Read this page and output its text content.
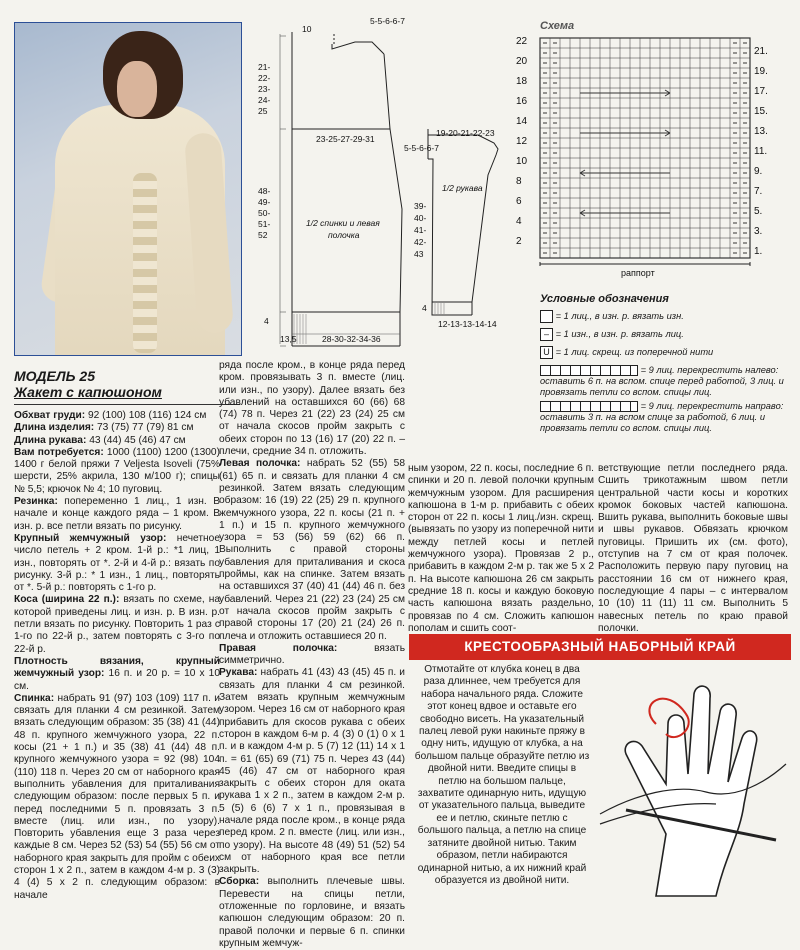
МОДЕЛЬ 25
Жакет с капюшоном

Обхват груди: 92 (100) 108 (116) 124 см

Длина изделия: 73 (75) 77 (79) 81 см

Длина рукава: 43 (44) 45 (46) 47 см

Вам потребуется: 1000 (1100) 1200 (1300) 1400 г белой пряжи 7 Veljesta Isoveli (75% шерсти, 25% акрила, 130 м/100 г); спицы № 5,5; крючок № 4; 10 пуговиц.

Резинка: попеременно 1 лиц., 1 изн. В начале и конце каждого ряда – 1 кром. В изн. р. все петли вязать по рисунку.

Крупный жемчужный узор: нечетное число петель + 2 кром. 1-й р.: *1 лиц, 1 изн., повторять от *. 2-й и 4-й р.: вязать по рисунку. 3-й р.: * 1 изн., 1 лиц., повторять от *. 5-й р.: повторять с 1-го р.

Коса (ширина 22 п.): вязать по схеме, на которой приведены лиц. и изн. р. В изн. р. петли вязать по рисунку. Повторить 1 раз с 1-го по 22-й р., затем повторять с 3-го по 22-й р.

Плотность вязания, крупный жемчужный узор: 16 п. и 20 р. = 10 х 10 см.

Спинка: набрать 91 (97) 103 (109) 117 п. и связать для планки 4 см резинкой. Затем вязать следующим образом: 35 (38) 41 (44) 48 п. крупного жемчужного узора, 22 п. косы (21 + 1 п.) и 35 (38) 41 (44) 48 п. крупного жемчужного узора = 92 (98) 104 (110) 118 п. Через 20 см от наборного края выполнить убавления для приталивания следующим образом: после первых 5 п. и перед последними 5 п. провязать 3 п. вместе (лиц. или изн., по узору). Повторить убавления еще 3 раза через каждые 8 см. Через 52 (53) 54 (55) 56 см от наборного края закрыть для пройм с обеих сторон 1 х 2 п., затем в каждом 4-м р. 3 (3) 4 (4) 5 х 2 п. следующим образом: в начале

ряда после кром., в конце ряда перед кром. провязывать 3 п. вместе (лиц. или изн., по узору). Далее вязать без убавлений на оставшихся 60 (66) 68 (74) 78 п. Через 21 (22) 23 (24) 25 см от начала скосов пройм закрыть с обеих сторон по 13 (16) 17 (20) 22 п. – плечи, средние 34 п. отложить.

Левая полочка: набрать 52 (55) 58 (61) 65 п. и связать для планки 4 см резинкой. Затем вязать следующим образом: 16 (19) 22 (25) 29 п. крупного жемчужного узора, 22 п. косы (21 п. + 1 п.) и 15 п. крупного жемчужного узора = 53 (56) 59 (62) 66 п. Выполнить с правой стороны убавления для приталивания и скоса проймы, как на спинке. Затем вязать на оставшихся 37 (40) 41 (44) 46 п. без убавлений. Через 21 (22) 23 (24) 25 см от начала скосов пройм закрыть с правой стороны 17 (20) 21 (24) 26 п. плеча и отложить оставшиеся 20 п.

Правая полочка: вязать симметрично.

Рукава: набрать 41 (43) 43 (45) 45 п. и связать для планки 4 см резинкой. Затем вязать крупным жемчужным узором. Через 16 см от наборного края прибавить для скосов рукава с обеих сторон в каждом 6-м р. 4 (3) 0 (1) 0 х 1 п. и в каждом 4-м р. 5 (7) 12 (11) 14 х 1 п. = 61 (65) 69 (71) 75 п. Через 43 (44) 45 (46) 47 см от наборного края закрыть с обеих сторон для оката рукава 1 х 2 п., затем в каждом 2-м р. 5 (5) 6 (6) 7 х 1 п., провязывая в начале ряда после кром., в конце ряда перед кром. 2 п. вместе (лиц. или изн., по узору). На высоте 48 (49) 51 (52) 54 см от наборного края все петли закрыть.

Сборка: выполнить плечевые швы. Перевести на спицы петли, отложенные по горловине, и вязать капюшон следующим образом: 20 п. правой полочки и первые 6 п. спинки крупным жемчуж-

10
5-5-6-6-7
21-
22-
23-
24-
25
23-25-27-29-31
48-
49-
50-
51-
52
1/2 спинки и левая
полочка
4
13,5	28-30-32-34-36
5-5-6-6-7
19-20-21-22-23
1/2 рукава
39-
40-
41-
42-
43
4
12-13-13-14-14
Схема
22
20
18
16
14
12
10
8
6
4
2
21.
19.
17.
15.
13.
11.
9.
7.
5.
3.
1.
раппорт
Условные обозначения
= 1 лиц., в изн. р. вязать изн.
– = 1 изн., в изн. р. вязать лиц.
U = 1 лиц. скрещ. из поперечной нити
= 9 лиц. перекрестить налево: оставить 6 п. на вспом. спице перед работой, 3 лиц. и провязать петли со вспом. спицы лиц.
= 9 лиц. перекрестить направо: оставить 3 п. на вспом спице за работой, 6 лиц. и провязать петли со вспом. спицы лиц.
ным узором, 22 п. косы, последние 6 п. спинки и 20 п. левой полочки крупным жемчужным узором. Для расширения капюшона в 1-м р. прибавить с обеих сторон от 22 п. косы 1 лиц./изн. скрещ. (вывязать по узору из поперечной нити между петлей косы и петлей жемчужного узора). Провязав 2 р., прибавить в каждом 2-м р. так же 5 х 2 п. На высоте капюшона 26 см закрыть средние 18 п. косы и каждую боковую часть капюшона вязать раздельно, провязав по 4 см. Сложить капюшон пополам и сшить соот-
ветствующие петли последнего ряда. Сшить трикотажным швом петли центральной части косы и коротких кромок боковых частей капюшона. Вшить рукава, выполнить боковые швы и швы рукавов. Обвязать крючком пуговицы. Пришить их (см. фото), отступив на 7 см от края полочек. Расположить первую пару пуговиц на расстоянии 16 см от нижнего края, последующие 4 пары – с интервалом 10 (10) 11 (11) 11 см. Выполнить 5 навесных петель по краю правой полочки.
КРЕСТООБРАЗНЫЙ НАБОРНЫЙ КРАЙ
Отмотайте от клубка конец в два раза длиннее, чем требуется для набора начального ряда. Сложите этот конец вдвое и оставьте его свободно висеть. На указательный палец левой руки накиньте пряжу в одну нить, идущую от клубка, а на большом пальце образуйте петлю из двойной нити. Введите спицы в петлю на большом пальце, захватите одинарную нить, идущую от указательного пальца, выведите ее и петлю, скиньте петлю с большого пальца, а петлю на спице затяните двойной нитью. Таким образом, петли набираются одинарной нитью, а их нижний край образуется из двойной нити.
